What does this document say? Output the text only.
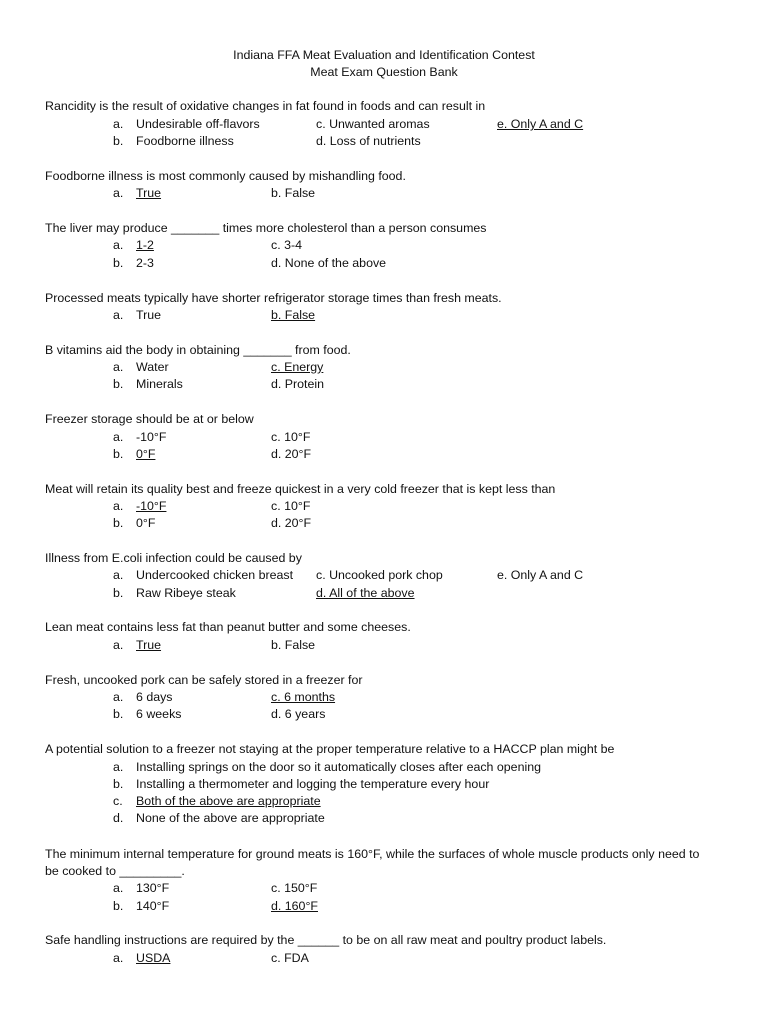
Indiana FFA Meat Evaluation and Identification Contest
Meat Exam Question Bank
Rancidity is the result of oxidative changes in fat found in foods and can result in
a. Undesirable off-flavors
b. Foodborne illness
c. Unwanted aromas
d. Loss of nutrients
e. Only A and C
Foodborne illness is most commonly caused by mishandling food.
a. True	b. False
The liver may produce _______ times more cholesterol than a person consumes
a. 1-2
b. 2-3
c. 3-4
d. None of the above
Processed meats typically have shorter refrigerator storage times than fresh meats.
a. True	b. False
B vitamins aid the body in obtaining _______ from food.
a. Water
b. Minerals
c. Energy
d. Protein
Freezer storage should be at or below
a. -10°F
b. 0°F
c. 10°F
d. 20°F
Meat will retain its quality best and freeze quickest in a very cold freezer that is kept less than
a. -10°F
b. 0°F
c. 10°F
d. 20°F
Illness from E.coli infection could be caused by
a. Undercooked chicken breast
b. Raw Ribeye steak
c. Uncooked pork chop
d. All of the above
e. Only A and C
Lean meat contains less fat than peanut butter and some cheeses.
a. True	b. False
Fresh, uncooked pork can be safely stored in a freezer for
a. 6 days
b. 6 weeks
c. 6 months
d. 6 years
A potential solution to a freezer not staying at the proper temperature relative to a HACCP plan might be
a. Installing springs on the door so it automatically closes after each opening
b. Installing a thermometer and logging the temperature every hour
c. Both of the above are appropriate
d. None of the above are appropriate
The minimum internal temperature for ground meats is 160°F, while the surfaces of whole muscle products only need to
be cooked to _________.
a. 130°F
b. 140°F
c. 150°F
d. 160°F
Safe handling instructions are required by the ______ to be on all raw meat and poultry product labels.
a. USDA	c. FDA
